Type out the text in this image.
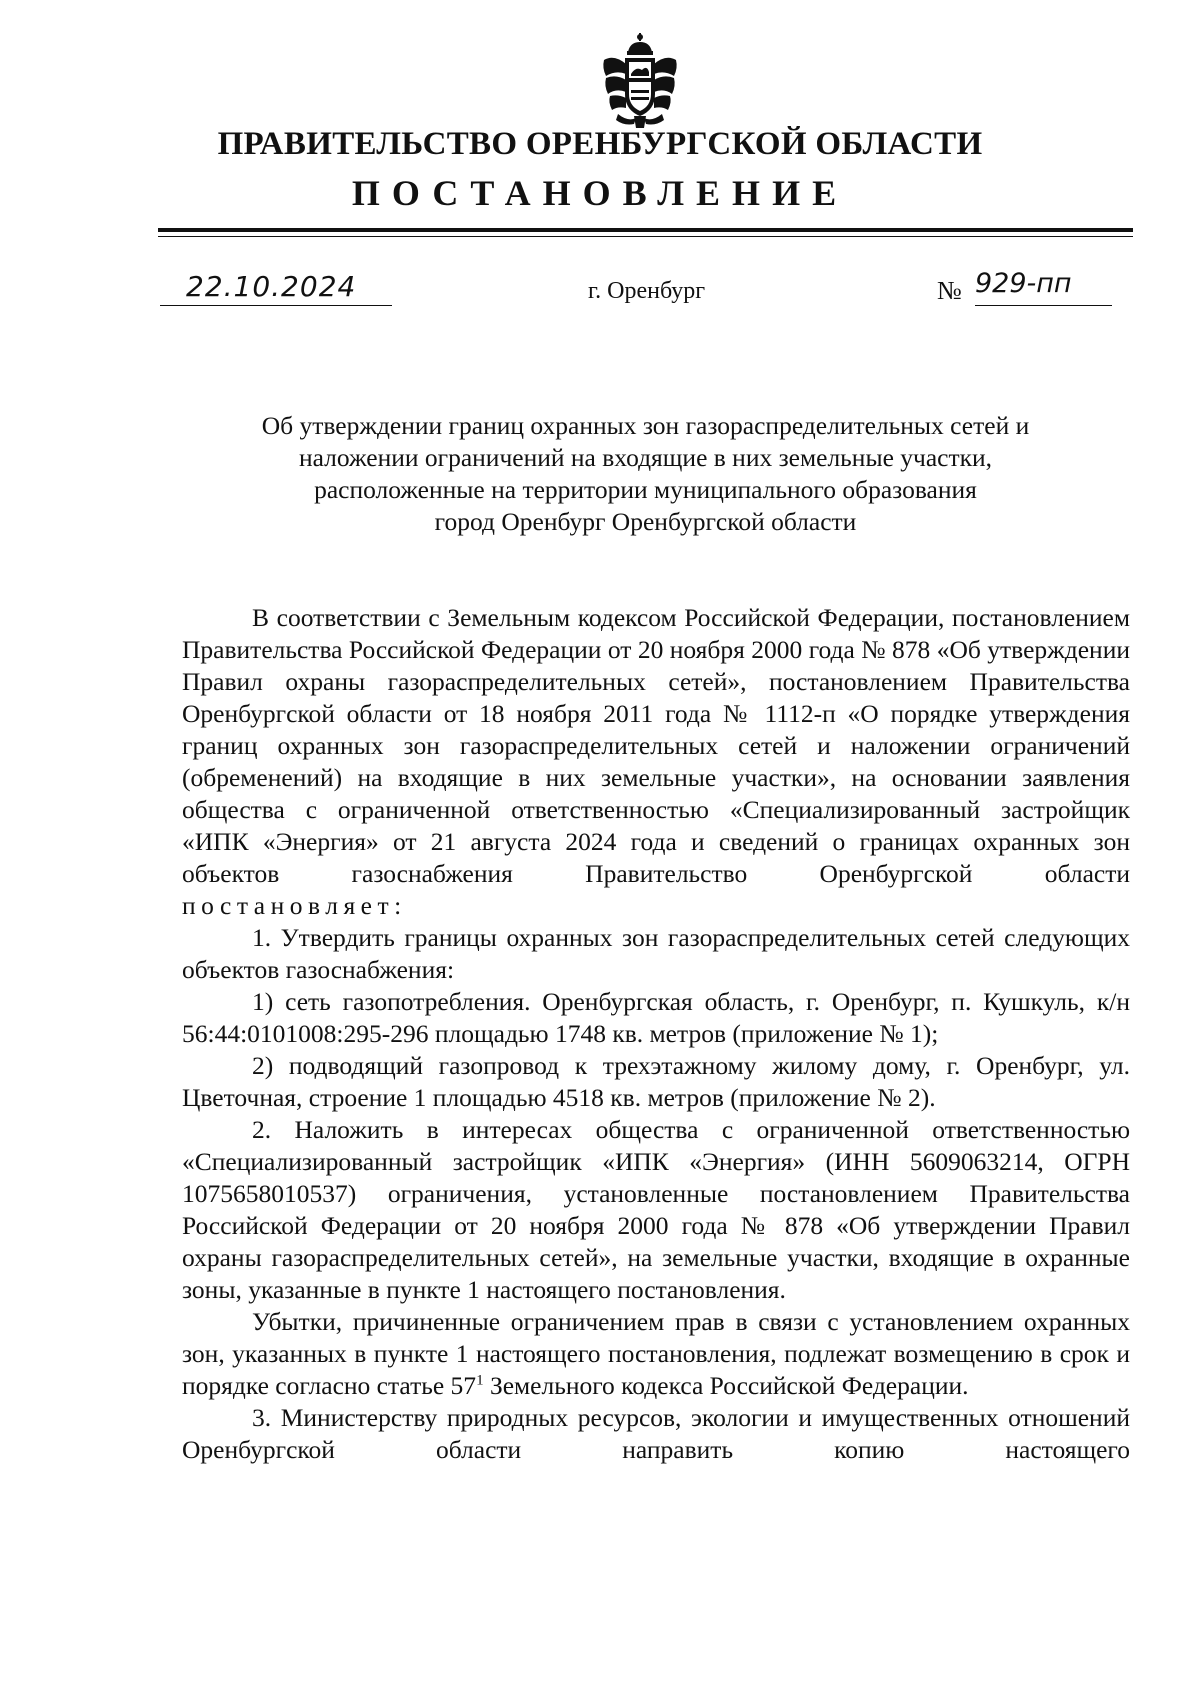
ПРАВИТЕЛЬСТВО ОРЕНБУРГСКОЙ ОБЛАСТИ
ПОСТАНОВЛЕНИЕ
22.10.2024	г. Оренбург	№ 929-пп
Об утверждении границ охранных зон газораспределительных сетей и
наложении ограничений на входящие в них земельные участки,
расположенные на территории муниципального образования
город Оренбург Оренбургской области

В соответствии с Земельным кодексом Российской Федерации, постановлением Правительства Российской Федерации от 20 ноября 2000 года № 878 «Об утверждении Правил охраны газораспределительных сетей», постановлением Правительства Оренбургской области от 18 ноября 2011 года № 1112-п «О порядке утверждения границ охранных зон газораспределительных сетей и наложении ограничений (обременений) на входящие в них земельные участки», на основании заявления общества с ограниченной ответственностью «Специализированный застройщик «ИПК «Энергия» от 21 августа 2024 года и сведений о границах охранных зон объектов газоснабжения Правительство Оренбургской области

постановляет:

1. Утвердить границы охранных зон газораспределительных сетей следующих объектов газоснабжения:

1) сеть газопотребления. Оренбургская область, г. Оренбург, п. Кушкуль, к/н 56:44:0101008:295-296 площадью 1748 кв. метров (приложение № 1);

2) подводящий газопровод к трехэтажному жилому дому, г. Оренбург, ул. Цветочная, строение 1 площадью 4518 кв. метров (приложение № 2).

2. Наложить в интересах общества с ограниченной ответственностью «Специализированный застройщик «ИПК «Энергия» (ИНН 5609063214, ОГРН 1075658010537) ограничения, установленные постановлением Правительства Российской Федерации от 20 ноября 2000 года № 878 «Об утверждении Правил охраны газораспределительных сетей», на земельные участки, входящие в охранные зоны, указанные в пункте 1 настоящего постановления.

Убытки, причиненные ограничением прав в связи с установлением охранных зон, указанных в пункте 1 настоящего постановления, подлежат возмещению в срок и порядке согласно статье $57^1$ Земельного кодекса Российской Федерации.

3. Министерству природных ресурсов, экологии и имущественных отношений Оренбургской области направить копию настоящего
